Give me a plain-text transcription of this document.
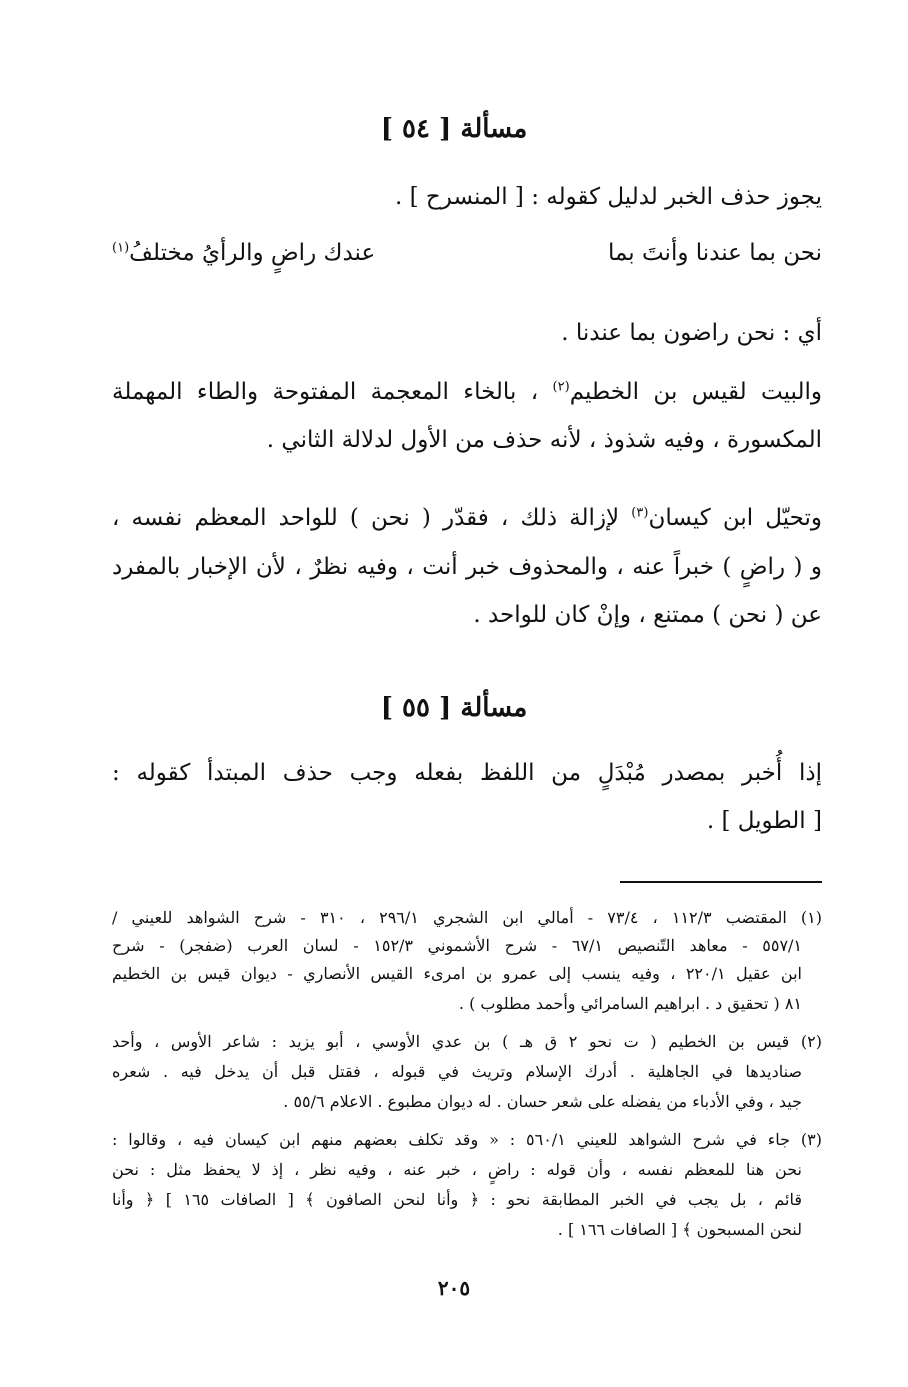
مسألة [ ٥٤ ]
يجوز حذف الخبر لدليل كقوله : [ المنسرح ] .
نحن بما عندنا وأنتَ بما
عندك راضٍ والرأيُ مختلفُ$^{(١)}$
أي : نحن راضون بما عندنا .
والبيت لقيس بن الخطيم$^{(٢)}$ ، بالخاء المعجمة المفتوحة والطاء المهملة
المكسورة ، وفيه شذوذ ، لأنه حذف من الأول لدلالة الثاني .
وتحيّل ابن كيسان$^{(٣)}$ لإزالة ذلك ، فقدّر ( نحن ) للواحد المعظم نفسه ،
و ( راضٍ ) خبراً عنه ، والمحذوف خبر أنت ، وفيه نظرٌ ، لأن الإخبار بالمفرد
عن ( نحن ) ممتنع ، وإنْ كان للواحد .
مسألة [ ٥٥ ]
إذا أُخبر بمصدر مُبْدَلٍ من اللفظ بفعله وجب حذف المبتدأ كقوله :
[ الطويل ] .
(١) المقتضب ١١٢/٣ ، ٧٣/٤ - أمالي ابن الشجري ٢٩٦/١ ، ٣١٠ - شرح الشواهد للعيني /
٥٥٧/١ - معاهد التّنصيص ٦٧/١ - شرح الأشموني ١٥٢/٣ - لسان العرب (ضفجر) - شرح
ابن عقيل ٢٢٠/١ ، وفيه ينسب إلى عمرو بن امرىء القيس الأنصاري - ديوان قيس بن الخطيم
٨١ ( تحقيق د . ابراهيم السامرائي وأحمد مطلوب ) .
(٢) قيس بن الخطيم ( ت نحو ٢ ق هـ ) بن عدي الأوسي ، أبو يزيد : شاعر الأوس ، وأحد
صناديدها في الجاهلية . أدرك الإسلام وتريث في قبوله ، فقتل قبل أن يدخل فيه . شعره
جيد ، وفي الأدباء من يفضله على شعر حسان . له ديوان مطبوع . الاعلام ٥٥/٦ .
(٣) جاء في شرح الشواهد للعيني ٥٦٠/١ : « وقد تكلف بعضهم منهم ابن كيسان فيه ، وقالوا :
نحن هنا للمعظم نفسه ، وأن قوله : راضٍ ، خبر عنه ، وفيه نظر ، إذ لا يحفظ مثل : نحن
قائم ، بل يجب في الخبر المطابقة نحو : ﴿ وأنا لنحن الصافون ﴾ [ الصافات ١٦٥ ] ﴿ وأنا
لنحن المسبحون ﴾ [ الصافات ١٦٦ ] .
٢٠٥
